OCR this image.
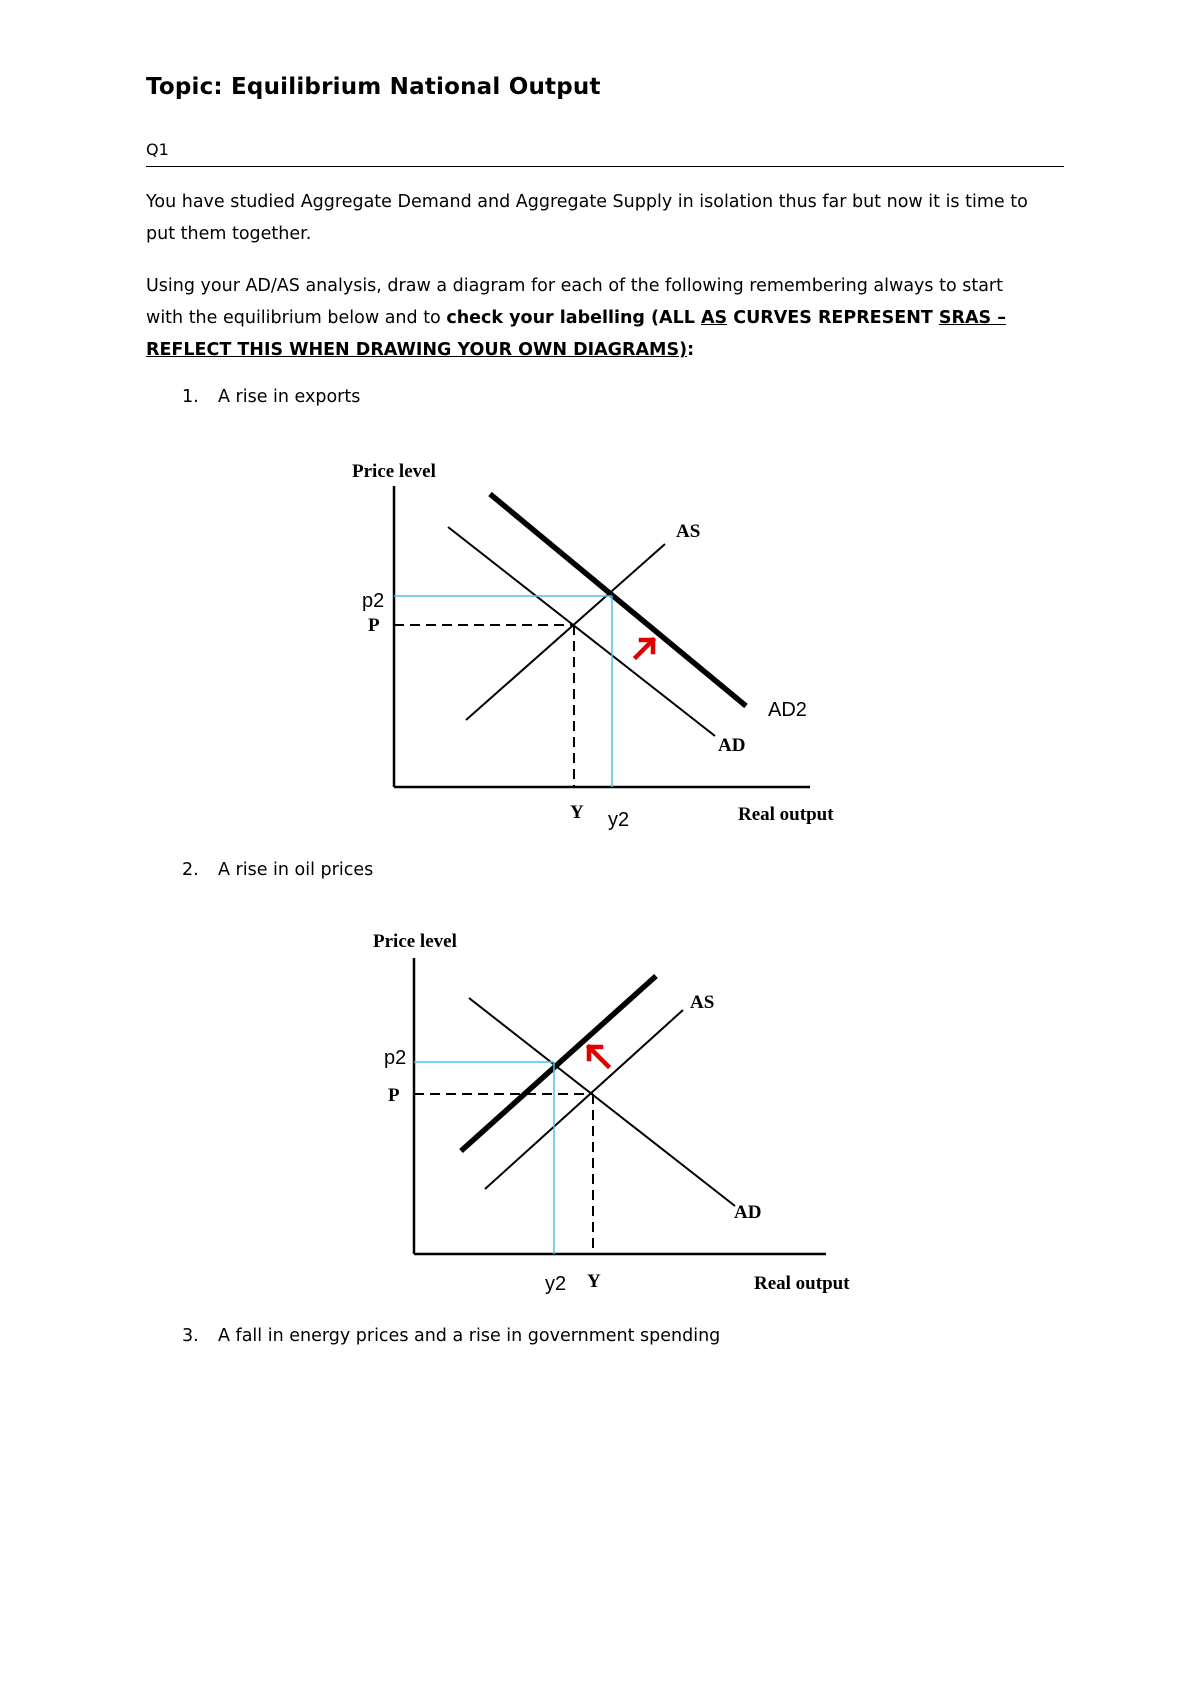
Topic: Equilibrium National Output
Q1
You have studied Aggregate Demand and Aggregate Supply in isolation thus far but now it is time to
put them together.
Using your AD/AS analysis, draw a diagram for each of the following remembering always to start
with the equilibrium below and to check your labelling (ALL AS CURVES REPRESENT SRAS – REFLECT THIS WHEN DRAWING YOUR OWN DIAGRAMS):
1. A rise in exports
2. A rise in oil prices
3. A fall in energy prices and a rise in government spending
Price level
AS
p2
P
AD2
AD
Y y2	Real output
Price level
AS
p2
P
AD
y2 Y	Real output
